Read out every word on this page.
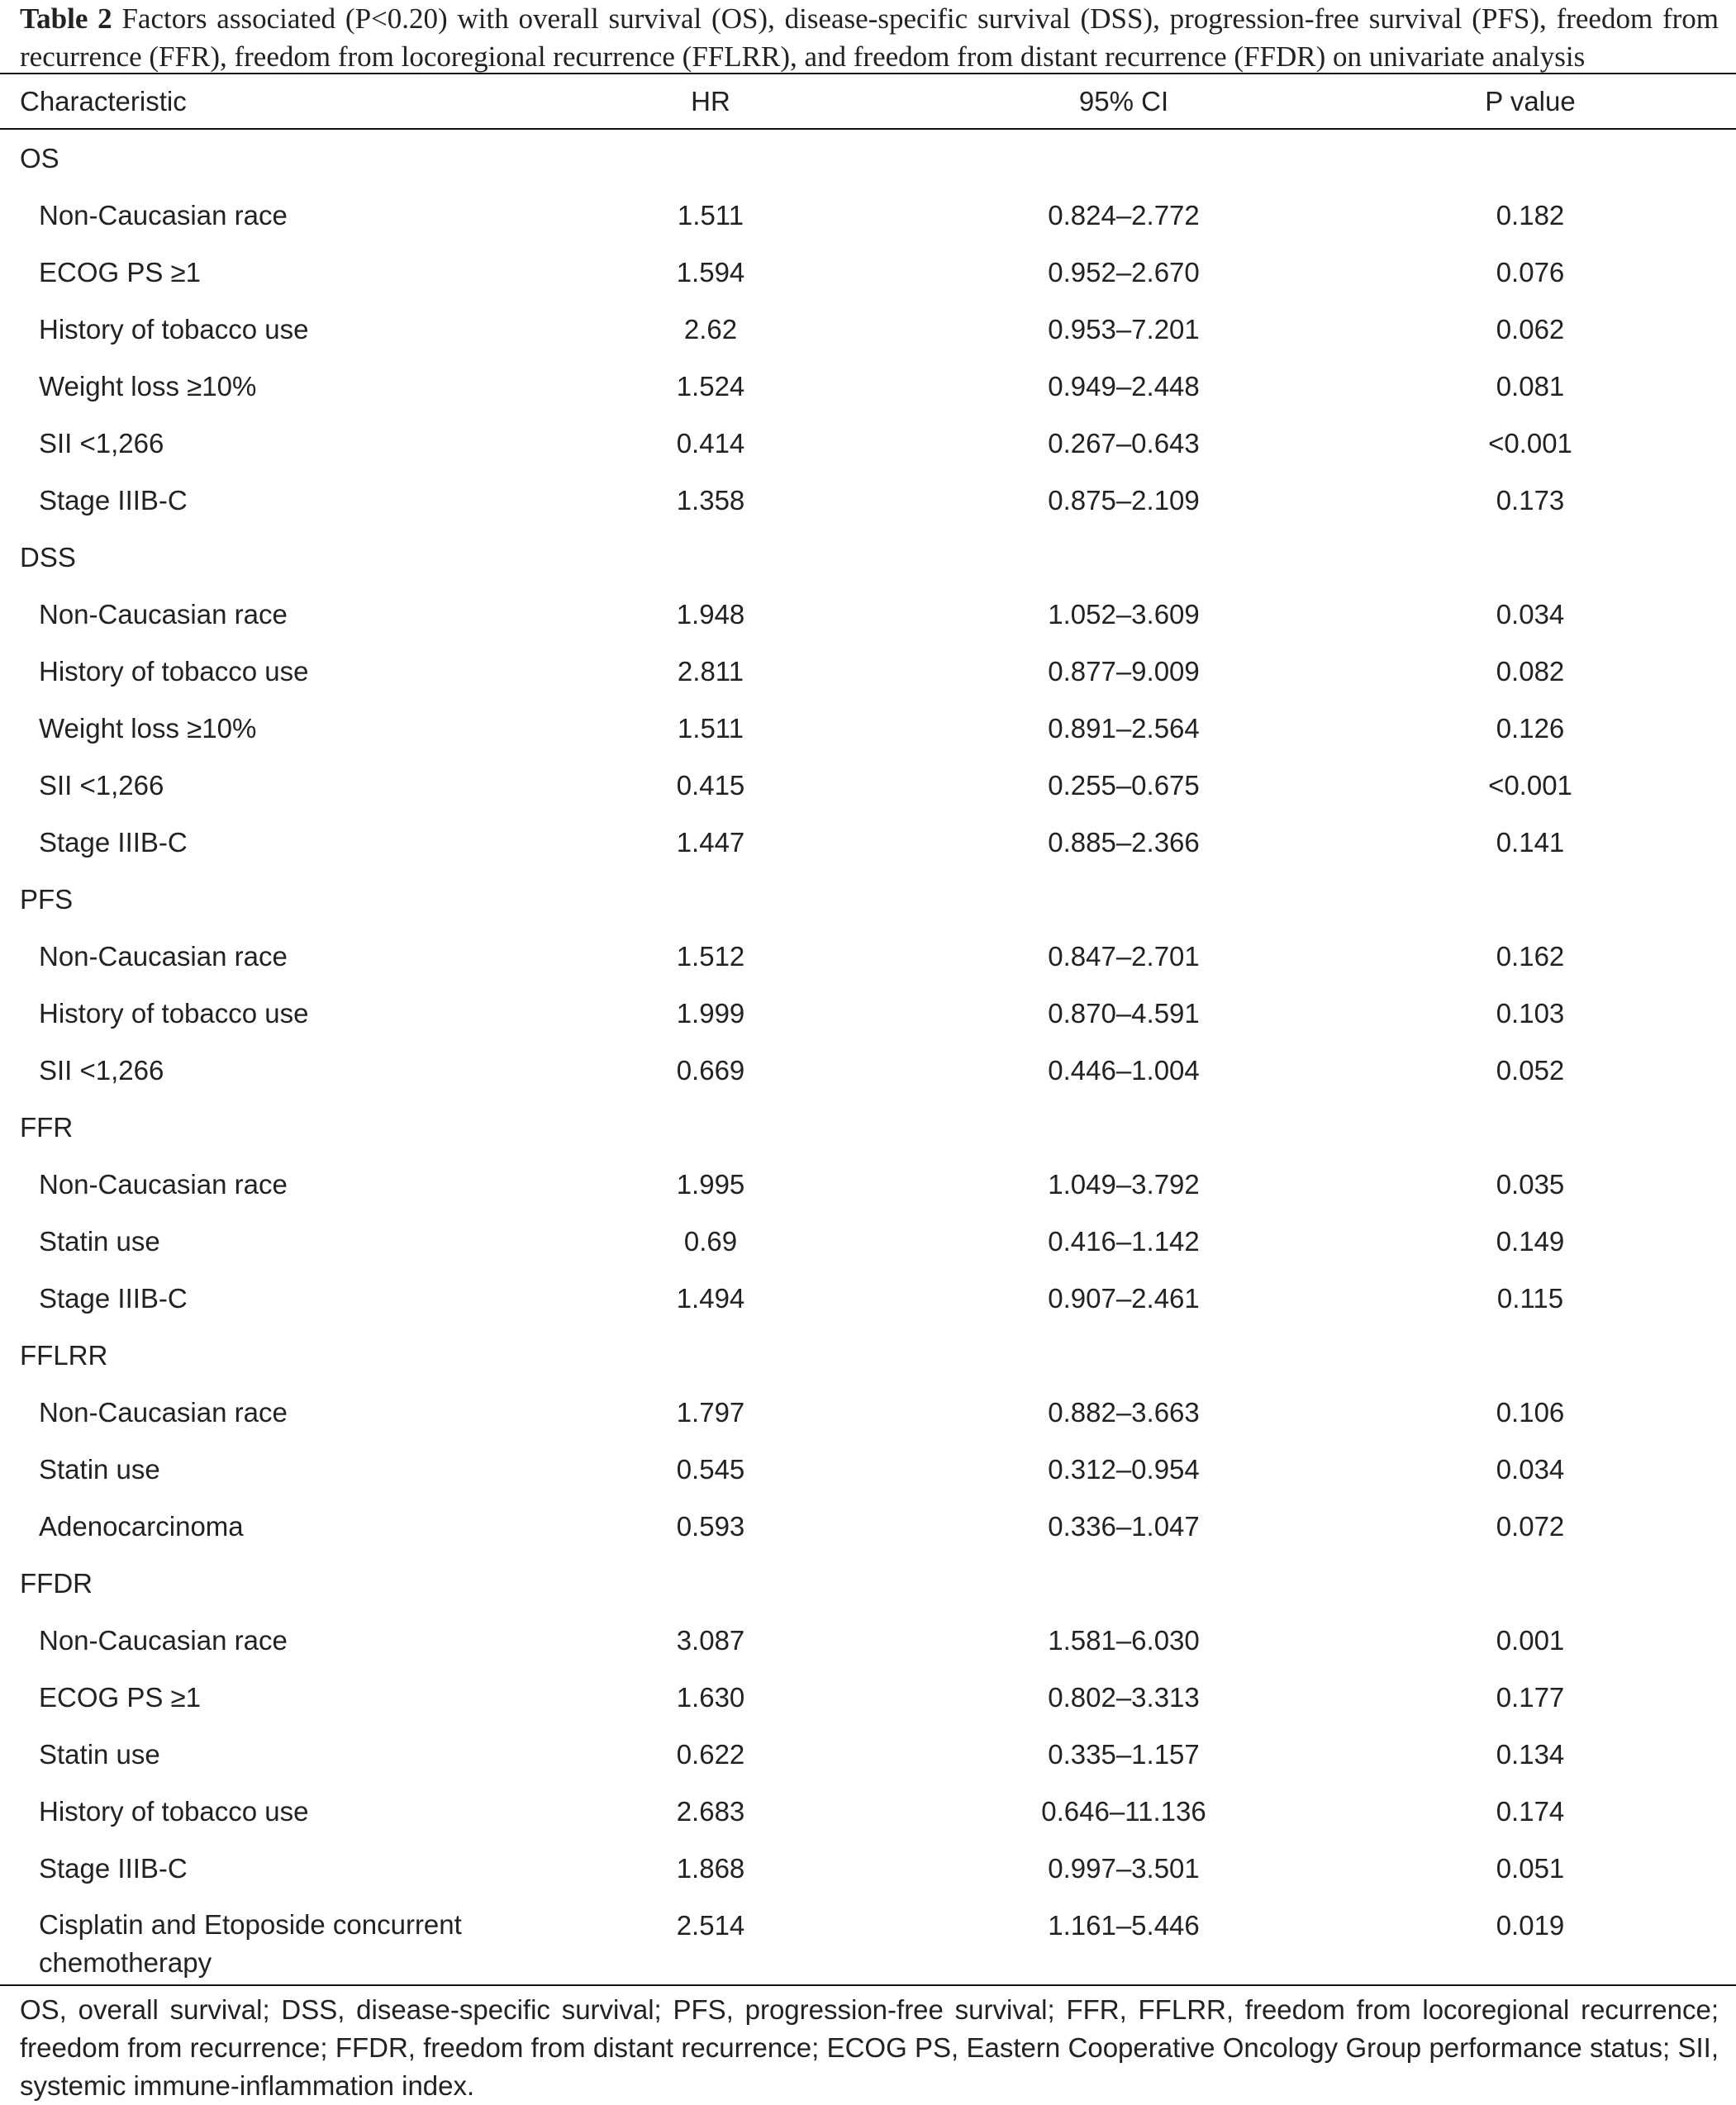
Table 2 Factors associated (P<0.20) with overall survival (OS), disease-specific survival (DSS), progression-free survival (PFS), freedom from recurrence (FFR), freedom from locoregional recurrence (FFLRR), and freedom from distant recurrence (FFDR) on univariate analysis
Characteristic	HR	95% CI	P value
OS
Non-Caucasian race	1.511	0.824–2.772	0.182
ECOG PS ≥1	1.594	0.952–2.670	0.076
History of tobacco use	2.62	0.953–7.201	0.062
Weight loss ≥10%	1.524	0.949–2.448	0.081
SII <1,266	0.414	0.267–0.643	<0.001
Stage IIIB-C	1.358	0.875–2.109	0.173
DSS
Non-Caucasian race	1.948	1.052–3.609	0.034
History of tobacco use	2.811	0.877–9.009	0.082
Weight loss ≥10%	1.511	0.891–2.564	0.126
SII <1,266	0.415	0.255–0.675	<0.001
Stage IIIB-C	1.447	0.885–2.366	0.141
PFS
Non-Caucasian race	1.512	0.847–2.701	0.162
History of tobacco use	1.999	0.870–4.591	0.103
SII <1,266	0.669	0.446–1.004	0.052
FFR
Non-Caucasian race	1.995	1.049–3.792	0.035
Statin use	0.69	0.416–1.142	0.149
Stage IIIB-C	1.494	0.907–2.461	0.115
FFLRR
Non-Caucasian race	1.797	0.882–3.663	0.106
Statin use	0.545	0.312–0.954	0.034
Adenocarcinoma	0.593	0.336–1.047	0.072
FFDR
Non-Caucasian race	3.087	1.581–6.030	0.001
ECOG PS ≥1	1.630	0.802–3.313	0.177
Statin use	0.622	0.335–1.157	0.134
History of tobacco use	2.683	0.646–11.136	0.174
Stage IIIB-C	1.868	0.997–3.501	0.051
Cisplatin and Etoposide concurrent chemotherapy
2.514	1.161–5.446	0.019
OS, overall survival; DSS, disease-specific survival; PFS, progression-free survival; FFR, FFLRR, freedom from locoregional recurrence; freedom from recurrence; FFDR, freedom from distant recurrence; ECOG PS, Eastern Cooperative Oncology Group performance status; SII, systemic immune-inflammation index.
